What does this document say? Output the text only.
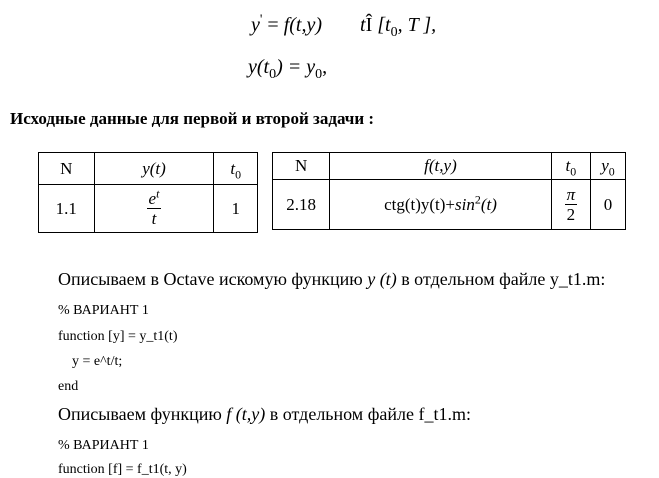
y' = f(t,y) tÎ [$t_0$, T ],
$y(t_0) = y_0$,
Исходные данные для первой и второй задачи :
N	y(t)	$t_0$
1.1	$\frac{e^t}{t}$	1
N	f(t,y)	$t_0$	$y_0$
2.18	$ctg(t)y(t)+\sin^2(t)$	$\frac{\pi}{2}$	0
Описываем в Octave искомую функцию y (t) в отдельном файле y_t1.m:
% ВАРИАНТ 1
function [y] = y_t1(t)
y = e^t/t;
end
Описываем функцию f (t,y) в отдельном файле f_t1.m:
% ВАРИАНТ 1
function [f] = f_t1(t, y)
